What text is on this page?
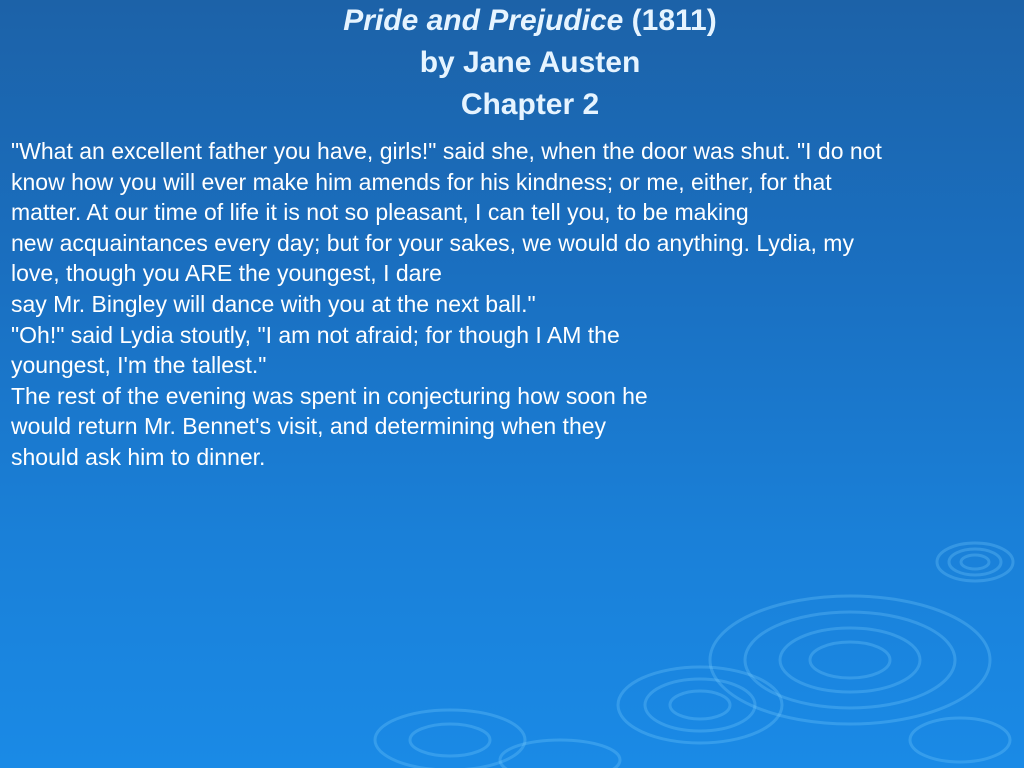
Pride and Prejudice (1811)
by Jane Austen
Chapter 2
"What an excellent father you have, girls!" said she, when the door was shut. "I do not
know how you will ever make him amends for his kindness; or me, either, for that
matter. At our time of life it is not so pleasant, I can tell you, to be making
new acquaintances every day; but for your sakes, we would do anything. Lydia, my
love, though you ARE the youngest, I dare
say Mr. Bingley will dance with you at the next ball."
"Oh!" said Lydia stoutly, "I am not afraid; for though I AM the
youngest, I'm the tallest."
The rest of the evening was spent in conjecturing how soon he
would return Mr. Bennet's visit, and determining when they
should ask him to dinner.
